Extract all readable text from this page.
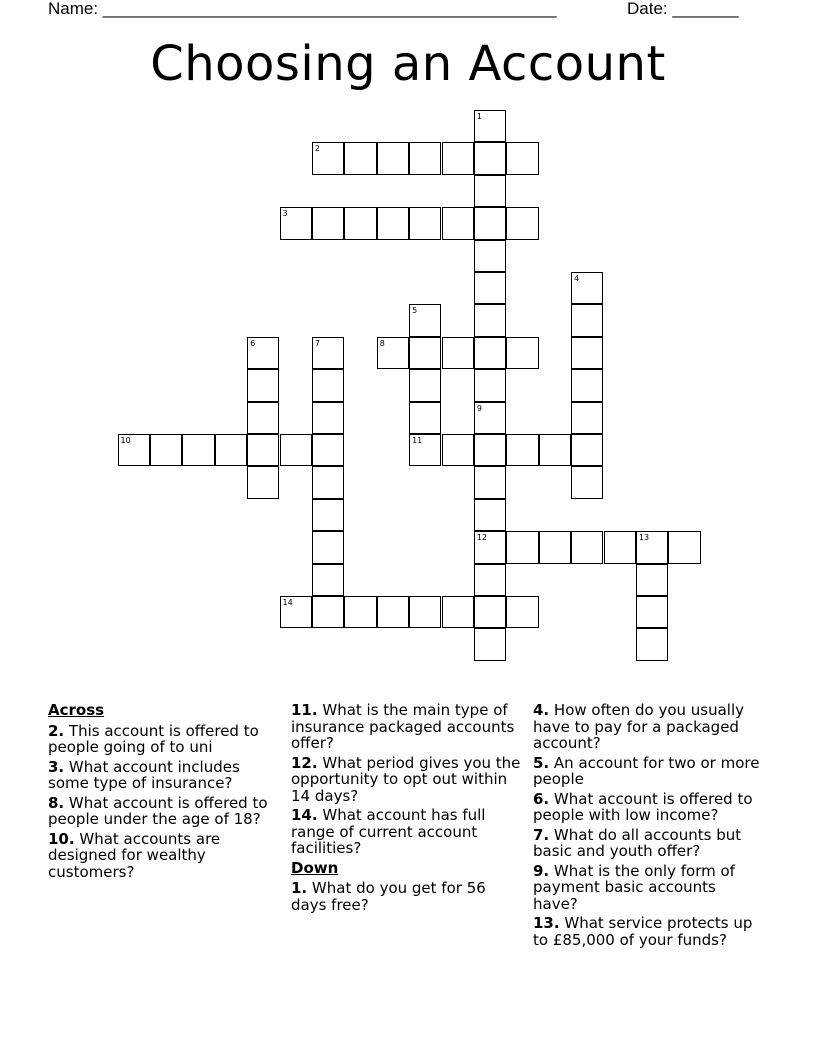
Name: ________________________________________________	Date: _______
Choosing an Account
1
9
12
2
3
4
5
6	7	8
10	11
13
14
Across
2. This account is offered to people going of to uni
3. What account includes some type of insurance?
8. What account is offered to people under the age of 18?
10. What accounts are designed for wealthy customers?
11. What is the main type of insurance packaged accounts offer?
12. What period gives you the opportunity to opt out within 14 days?
14. What account has full range of current account facilities?
Down
1. What do you get for 56 days free?
4. How often do you usually have to pay for a packaged account?
5. An account for two or more people
6. What account is offered to people with low income?
7. What do all accounts but basic and youth offer?
9. What is the only form of payment basic accounts have?
13. What service protects up to £85,000 of your funds?
